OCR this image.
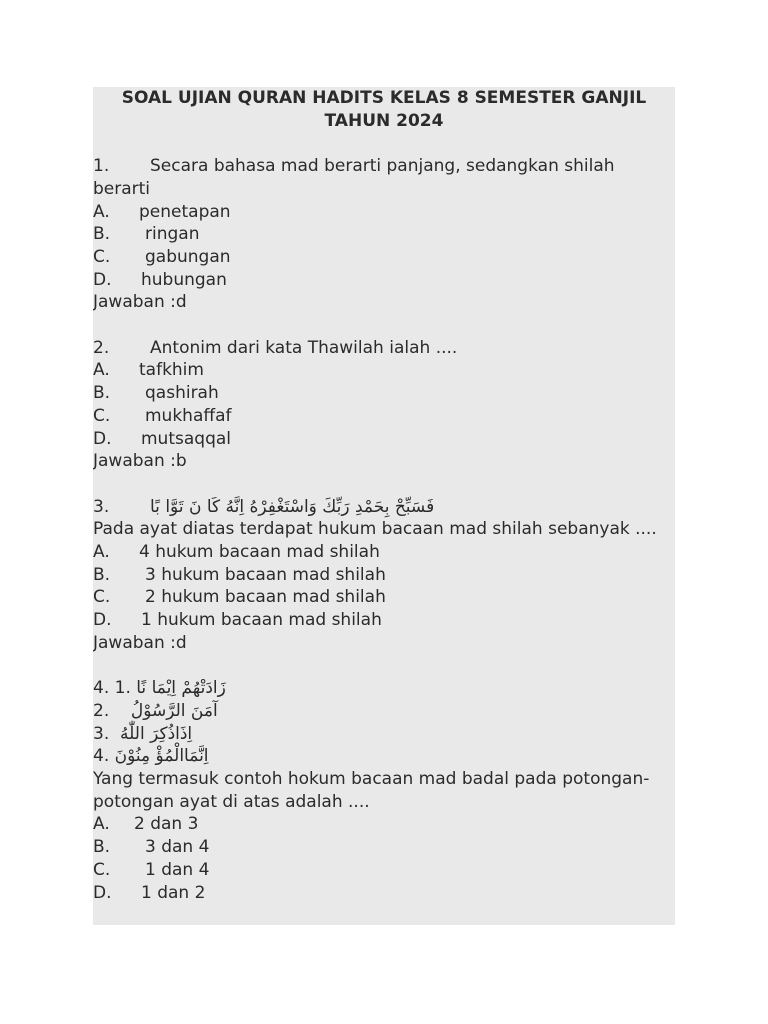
SOAL UJIAN QURAN HADITS KELAS 8 SEMESTER GANJIL TAHUN 2024
1. Secara bahasa mad berarti panjang, sedangkan shilah berarti
A. penetapan
B. ringan
C. gabungan
D. hubungan
Jawaban :d
2. Antonim dari kata Thawilah ialah ....
A. tafkhim
B. qashirah
C. mukhaffaf
D. mutsaqqal
Jawaban :b
3. فَسَبِّحْ بِحَمْدِ رَبِّكَ وَاسْتَغْفِرْهُ اِنَّهُ كَا نَ تَوَّا بًا
Pada ayat diatas terdapat hukum bacaan mad shilah sebanyak ....
A. 4 hukum bacaan mad shilah
B. 3 hukum bacaan mad shilah
C. 2 hukum bacaan mad shilah
D. 1 hukum bacaan mad shilah
Jawaban :d
4. 1. زَادَتْهُمْ اِيْمَا نًا
2. آمَنَ الرَّسُوْلُ
3. اِذَاذُكِرَ اللّٰهُ
4. اِنَّمَاالْمُؤْ مِنُوْنَ
Yang termasuk contoh hokum bacaan mad badal pada potongan-potongan ayat di atas adalah ....
A. 2 dan 3
B. 3 dan 4
C. 1 dan 4
D. 1 dan 2
